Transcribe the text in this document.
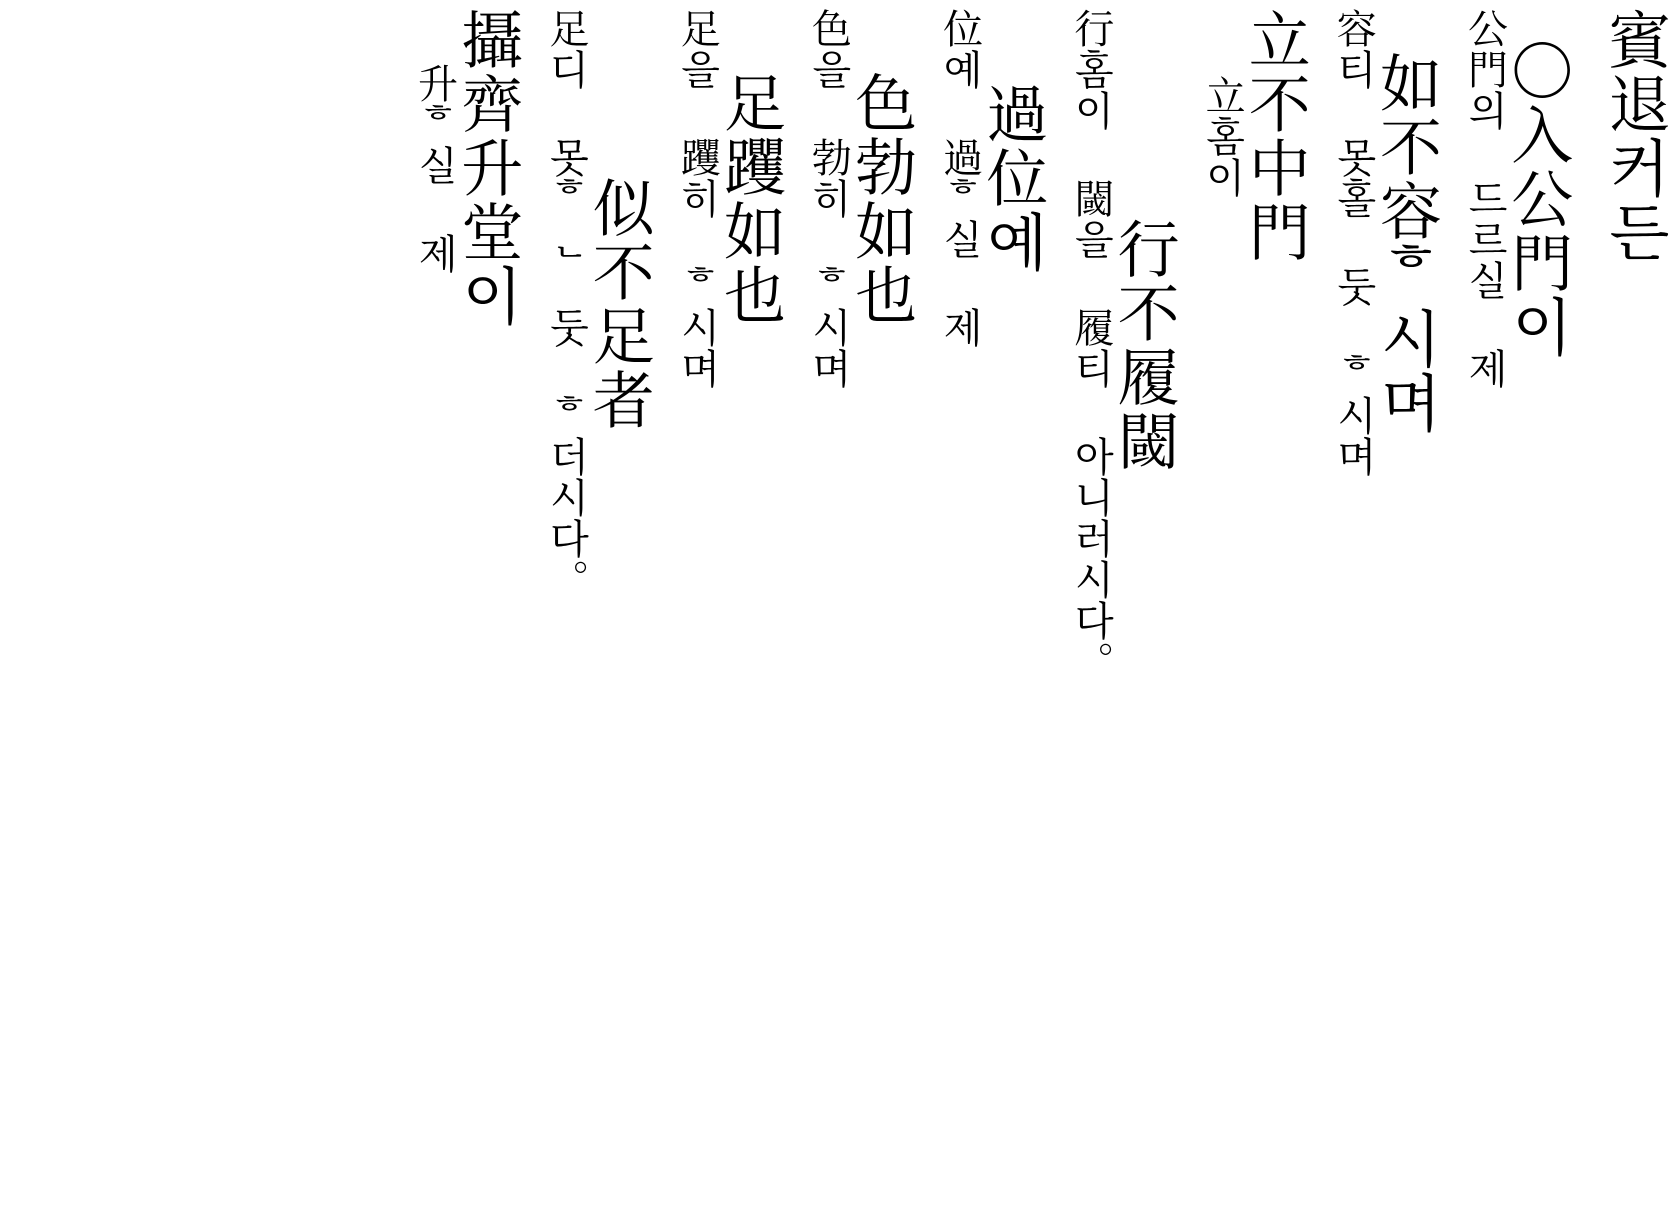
賓退커든
〇入公門이
公門의 드르실 제
如不容ᄒ시며
容티 못홀 둣 ᄒ시며
立不中門
立홈이
行不履閾
行홈이 閾을 履티 아니러시다。
過位예
位예 過ᄒ실 제
色勃如也
色을 勃히 ᄒ시며
足躩如也
足을 躩히 ᄒ시며
似不足者
足디 못ᄒᆫ 둣 ᄒ더시다。
攝齊升堂이
升ᄒ실 제
